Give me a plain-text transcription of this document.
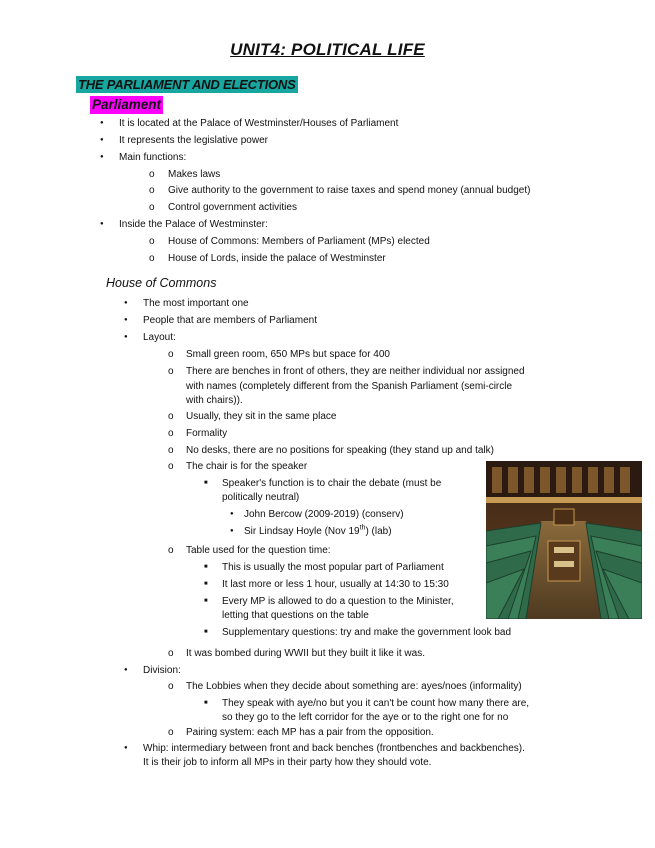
UNIT4: POLITICAL LIFE
THE PARLIAMENT AND ELECTIONS
Parliament
●
It is located at the Palace of Westminster/Houses of Parliament
●
It represents the legislative power
●
Main functions:
o
Makes laws
o
Give authority to the government to raise taxes and spend money (annual budget)
o
Control government activities
●
Inside the Palace of Westminster:
o
House of Commons: Members of Parliament (MPs) elected
o
House of Lords, inside the palace of Westminster
House of Commons
●
The most important one
●
People that are members of Parliament
●
Layout:
o
Small green room, 650 MPs but space for 400
o
There are benches in front of others, they are neither individual nor assigned
with names (completely different from the Spanish Parliament (semi-circle
with chairs)).
o
Usually, they sit in the same place
o
Formality
o
No desks, there are no positions for speaking (they stand up and talk)
o
The chair is for the speaker
■
Speaker's function is to chair the debate (must be
politically neutral)
●
John Bercow (2009-2019) (conserv)
●
Sir Lindsay Hoyle (Nov 19th) (lab)
o
Table used for the question time:
■
This is usually the most popular part of Parliament
■
It last more or less 1 hour, usually at 14:30 to 15:30
■
Every MP is allowed to do a question to the Minister,
letting that questions on the table
■
Supplementary questions: try and make the government look bad
o
It was bombed during WWII but they built it like it was.
●
Division:
o
The Lobbies when they decide about something are: ayes/noes (informality)
■
They speak with aye/no but you it can't be count how many there are,
so they go to the left corridor for the aye or to the right one for no
o
Pairing system: each MP has a pair from the opposition.
●
Whip: intermediary between front and back benches (frontbenches and backbenches).
It is their job to inform all MPs in their party how they should vote.
